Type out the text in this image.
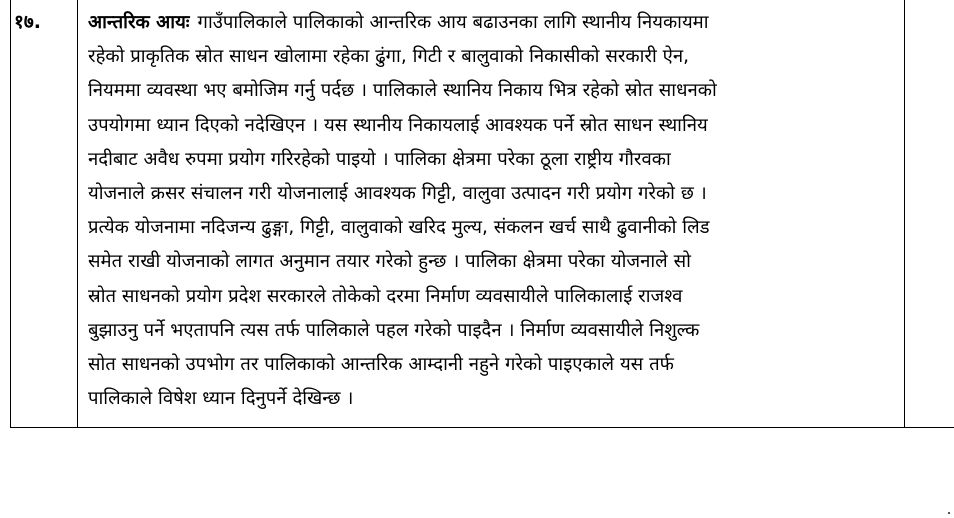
१७.	आन्तरिक आयः गाउँपालिकाले पालिकाको आन्तरिक आय बढाउनका लागि स्थानीय नियकायमा
रहेको प्राकृतिक स्रोत साधन खोलामा रहेका ढुंगा, गिटी र बालुवाको निकासीको सरकारी ऐन,
नियममा व्यवस्था भए बमोजिम गर्नु पर्दछ । पालिकाले स्थानिय निकाय भित्र रहेको स्रोत साधनको
उपयोगमा ध्यान दिएको नदेखिएन । यस स्थानीय निकायलाई आवश्यक पर्ने स्रोत साधन स्थानिय
नदीबाट अवैध रुपमा प्रयोग गरिरहेको पाइयो । पालिका क्षेत्रमा परेका ठूला राष्ट्रीय गौरवका
योजनाले क्रसर संचालन गरी योजनालाई आवश्यक गिट्टी, वालुवा उत्पादन गरी प्रयोग गरेको छ ।
प्रत्येक योजनामा नदिजन्य ढुङ्गा, गिट्टी, वालुवाको खरिद मुल्य, संकलन खर्च साथै ढुवानीको लिड
समेत राखी योजनाको लागत अनुमान तयार गरेको हुन्छ । पालिका क्षेत्रमा परेका योजनाले सो
स्रोत साधनको प्रयोग प्रदेश सरकारले तोकेको दरमा निर्माण व्यवसायीले पालिकालाई राजश्व
बुझाउनु पर्ने भएतापनि त्यस तर्फ पालिकाले पहल गरेको पाइदैन । निर्माण व्यवसायीले निशुल्क
सोत साधनको उपभोग तर पालिकाको आन्तरिक आम्दानी नहुने गरेको पाइएकाले यस तर्फ
पालिकाले विषेश ध्यान दिनुपर्ने देखिन्छ ।
